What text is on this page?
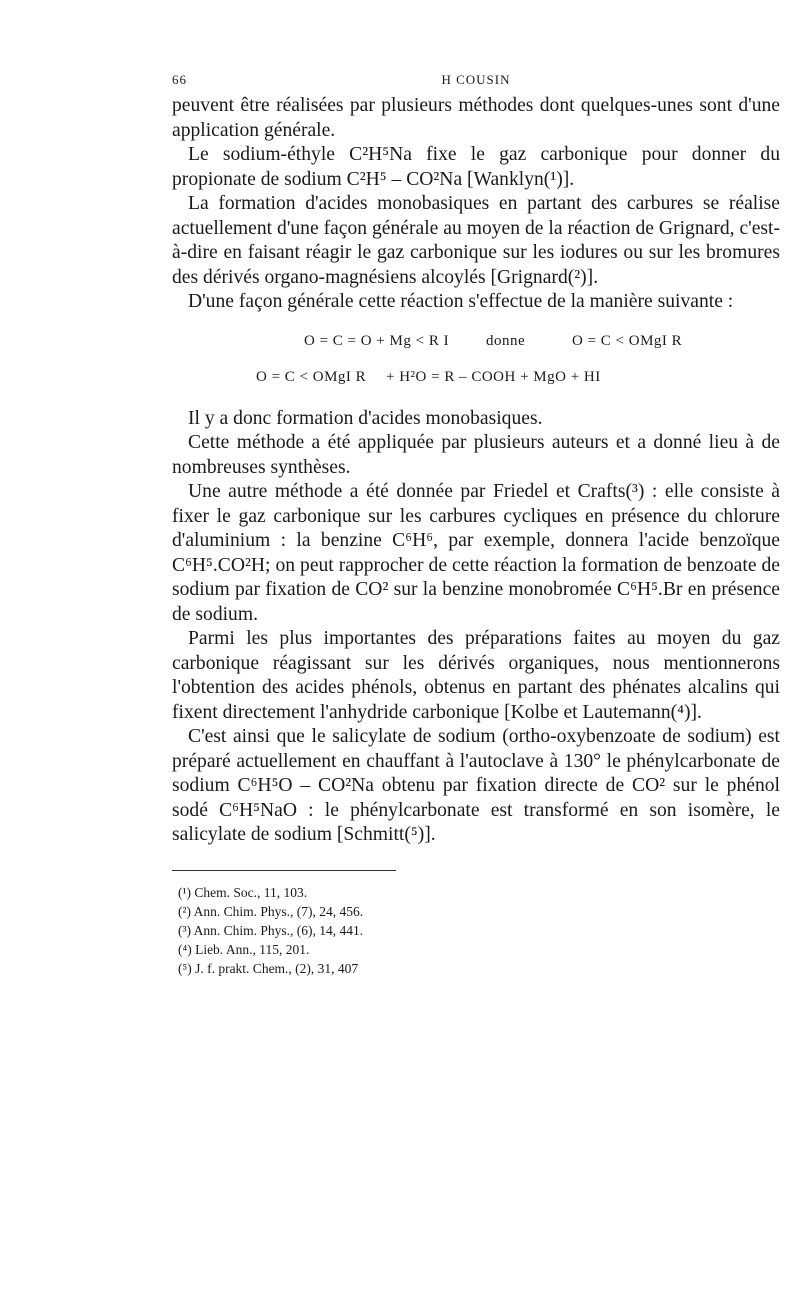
66	H COUSIN

peuvent être réalisées par plusieurs méthodes dont quelques-unes sont d'une application générale.

Le sodium-éthyle C²H⁵Na fixe le gaz carbonique pour donner du propionate de sodium C²H⁵ – CO²Na [Wanklyn(¹)].

La formation d'acides monobasiques en partant des carbures se réalise actuellement d'une façon générale au moyen de la réaction de Grignard, c'est-à-dire en faisant réagir le gaz carbonique sur les iodures ou sur les bromures des dérivés organo-magnésiens alcoylés [Grignard(²)].

D'une façon générale cette réaction s'effectue de la manière suivante :

O = C = O + Mg < R I donne	O = C < OMgI R
O = C < OMgI R + H²O = R – COOH + MgO + HI

Il y a donc formation d'acides monobasiques.

Cette méthode a été appliquée par plusieurs auteurs et a donné lieu à de nombreuses synthèses.

Une autre méthode a été donnée par Friedel et Crafts(³) : elle consiste à fixer le gaz carbonique sur les carbures cycliques en présence du chlorure d'aluminium : la benzine C⁶H⁶, par exemple, donnera l'acide benzoïque C⁶H⁵.CO²H; on peut rapprocher de cette réaction la formation de benzoate de sodium par fixation de CO² sur la benzine monobromée C⁶H⁵.Br en présence de sodium.

Parmi les plus importantes des préparations faites au moyen du gaz carbonique réagissant sur les dérivés organiques, nous mentionnerons l'obtention des acides phénols, obtenus en partant des phénates alcalins qui fixent directement l'anhydride carbonique [Kolbe et Lautemann(⁴)].

C'est ainsi que le salicylate de sodium (ortho-oxybenzoate de sodium) est préparé actuellement en chauffant à l'autoclave à 130° le phénylcarbonate de sodium C⁶H⁵O – CO²Na obtenu par fixation directe de CO² sur le phénol sodé C⁶H⁵NaO : le phénylcarbonate est transformé en son isomère, le salicylate de sodium [Schmitt(⁵)].

(¹) Chem. Soc., 11, 103.

(²) Ann. Chim. Phys., (7), 24, 456.

(³) Ann. Chim. Phys., (6), 14, 441.

(⁴) Lieb. Ann., 115, 201.

(⁵) J. f. prakt. Chem., (2), 31, 407
